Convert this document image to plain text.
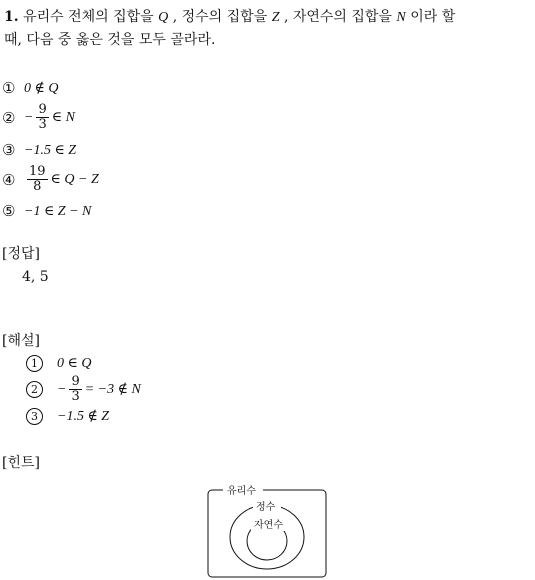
1. 유리수 전체의 집합을 Q , 정수의 집합을 Z , 자연수의 집합을 N 이라 할
때, 다음 중 옳은 것을 모두 골라라.
① 0 ∉ Q
② − $\frac{9}{3}$ ∈ N
③ −1.5 ∈ Z
④ $\frac{19}{8}$ ∈ Q − Z
⑤ −1 ∈ Z − N
[정답]
4, 5
[해설]
1	0 ∈ Q
2	− $\frac{9}{3} = -3$ ∉ N
3	−1.5 ∉ Z
[힌트]
유리수
정수
자연수
